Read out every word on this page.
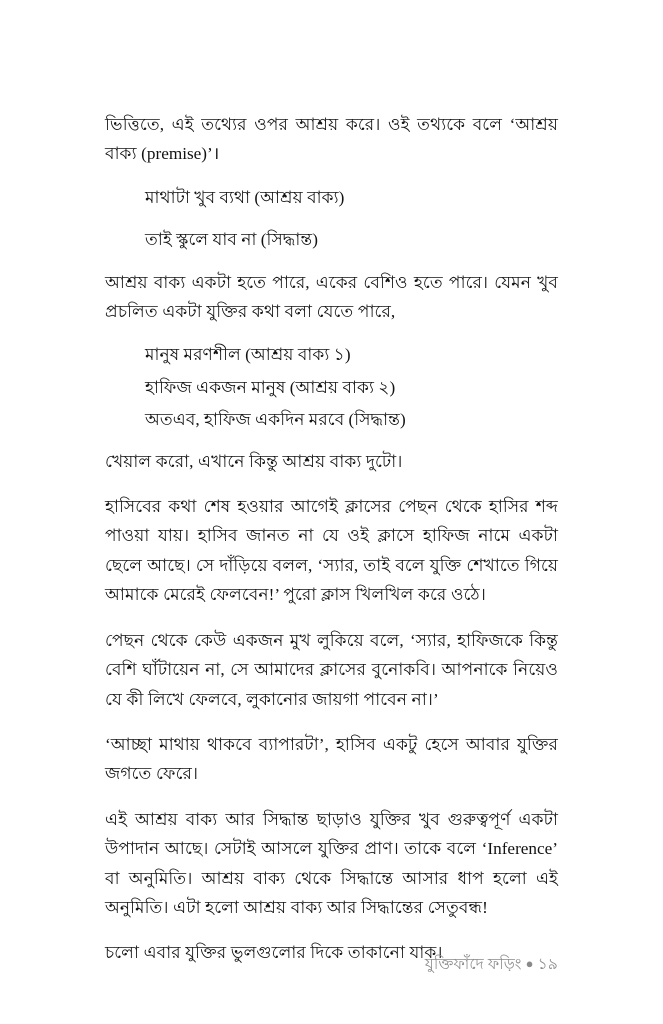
ভিত্তিতে, এই তথ্যের ওপর আশ্রয় করে। ওই তথ্যকে বলে ‘আশ্রয় বাক্য (premise)’।

মাথাটা খুব ব্যথা (আশ্রয় বাক্য)
তাই স্কুলে যাব না (সিদ্ধান্ত)

আশ্রয় বাক্য একটা হতে পারে, একের বেশিও হতে পারে। যেমন খুব প্রচলিত একটা যুক্তির কথা বলা যেতে পারে,

মানুষ মরণশীল (আশ্রয় বাক্য ১)
হাফিজ একজন মানুষ (আশ্রয় বাক্য ২)
অতএব, হাফিজ একদিন মরবে (সিদ্ধান্ত)

খেয়াল করো, এখানে কিন্তু আশ্রয় বাক্য দুটো।

হাসিবের কথা শেষ হওয়ার আগেই ক্লাসের পেছন থেকে হাসির শব্দ পাওয়া যায়। হাসিব জানত না যে ওই ক্লাসে হাফিজ নামে একটা ছেলে আছে। সে দাঁড়িয়ে বলল, ‘স্যার, তাই বলে যুক্তি শেখাতে গিয়ে আমাকে মেরেই ফেলবেন!’ পুরো ক্লাস খিলখিল করে ওঠে।

পেছন থেকে কেউ একজন মুখ লুকিয়ে বলে, ‘স্যার, হাফিজকে কিন্তু বেশি ঘাঁটায়েন না, সে আমাদের ক্লাসের বুনোকবি। আপনাকে নিয়েও যে কী লিখে ফেলবে, লুকানোর জায়গা পাবেন না।’

‘আচ্ছা মাথায় থাকবে ব্যাপারটা’, হাসিব একটু হেসে আবার যুক্তির জগতে ফেরে।

এই আশ্রয় বাক্য আর সিদ্ধান্ত ছাড়াও যুক্তির খুব গুরুত্বপূর্ণ একটা উপাদান আছে। সেটাই আসলে যুক্তির প্রাণ। তাকে বলে ‘Inference’ বা অনুমিতি। আশ্রয় বাক্য থেকে সিদ্ধান্তে আসার ধাপ হলো এই অনুমিতি। এটা হলো আশ্রয় বাক্য আর সিদ্ধান্তের সেতুবন্ধ!

চলো এবার যুক্তির ভুলগুলোর দিকে তাকানো যাক।

যুক্তিফাঁদে ফড়িং ● ১৯
